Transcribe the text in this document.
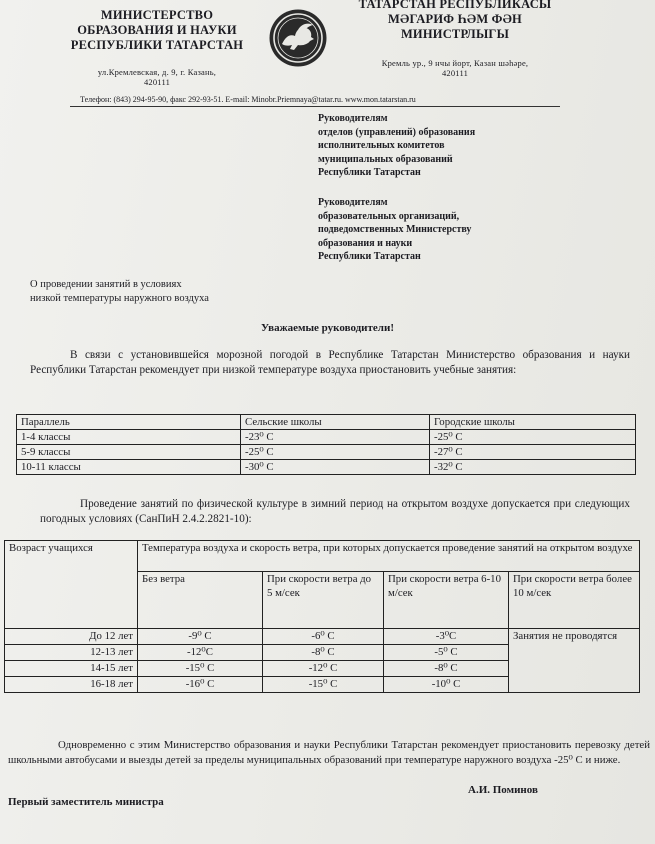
МИНИСТЕРСТВО
ОБРАЗОВАНИЯ И НАУКИ
РЕСПУБЛИКИ ТАТАРСТАН
ул.Кремлевская, д. 9, г. Казань,
420111
ТАТАРСТАН РЕСПУБЛИКАСЫ
МӘГАРИФ ҺӘМ ФӘН
МИНИСТРЛЫГЫ
Кремль ур., 9 нчы йорт, Казан шәһәре,
420111
Телефон: (843) 294-95-90, факс 292-93-51. E-mail: Minobr.Priemnaya@tatar.ru. www.mon.tatarstan.ru
Руководителям
отделов (управлений) образования
исполнительных комитетов
муниципальных образований
Республики Татарстан
Руководителям
образовательных организаций,
подведомственных Министерству
образования и науки
Республики Татарстан
О проведении занятий в условиях
низкой температуры наружного воздуха
Уважаемые руководители!
В связи с установившейся морозной погодой в Республике Татарстан Министерство образования и науки Республики Татарстан рекомендует при низкой температуре воздуха приостановить учебные занятия:
Параллель	Сельские школы	Городские школы
1-4 классы	-23⁰ С	-25⁰ С
5-9 классы	-25⁰ С	-27⁰ С
10-11 классы	-30⁰ С	-32⁰ С
Проведение занятий по физической культуре в зимний период на открытом воздухе допускается при следующих погодных условиях (СанПиН 2.4.2.2821-10):
Возраст учащихся	Температура воздуха и скорость ветра, при которых допускается проведение занятий на открытом воздухе			
	Без ветра	При скорости ветра до 5 м/сек	При скорости ветра 6-10 м/сек	При скорости ветра более 10 м/сек
До 12 лет	-9⁰ С	-6⁰ С	-3⁰С	Занятия не проводятся
12-13 лет	-12⁰С	-8⁰ С	-5⁰ С	
14-15 лет	-15⁰ С	-12⁰ С	-8⁰ С	
16-18 лет	-16⁰ С	-15⁰ С	-10⁰ С	
Одновременно с этим Министерство образования и науки Республики Татарстан рекомендует приостановить перевозку детей школьными автобусами и выезды детей за пределы муниципальных образований при температуре наружного воздуха -25⁰ С и ниже.
Первый заместитель министра
А.И. Поминов
